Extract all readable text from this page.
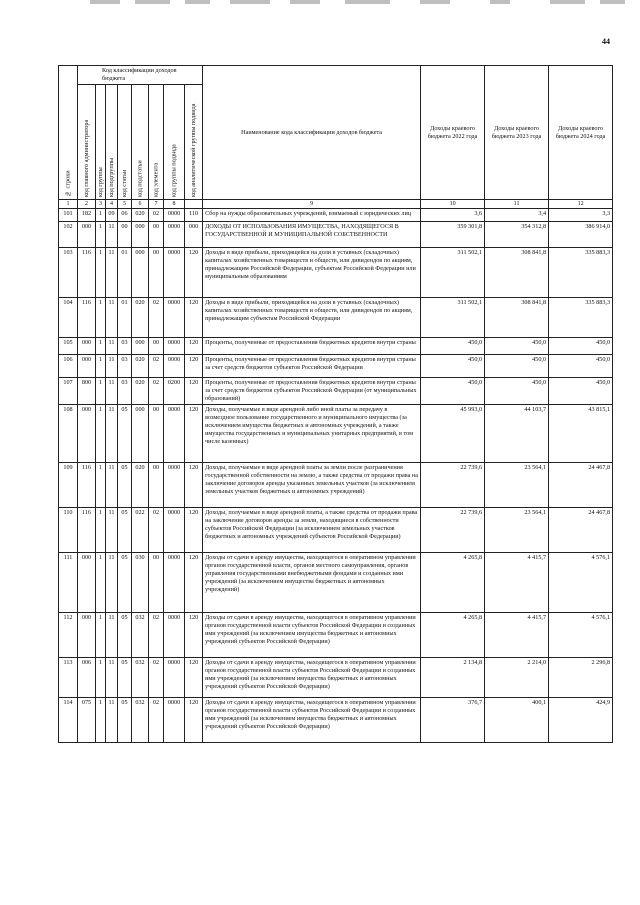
44
№ строки	Код классификации доходов бюджета								Наименование кода классификации доходов бюджета	Доходы краевого бюджета 2022 года	Доходы краевого бюджета 2023 года	Доходы краевого бюджета 2024 года
	код главного администратора	код группы	код подгруппы	код статьи	код подстатьи	код элемента	код группы подвида	код аналитической группы подвида				
1	2	3	4	5	6	7	8		9	10	11	12
101	182	1	09	06	020	02	0000	110	Сбор на нужды образовательных учреждений, взимаемый с юридических лиц	3,6	3,4	3,3
102	000	1	11	00	000	00	0000	000	ДОХОДЫ ОТ ИСПОЛЬЗОВАНИЯ ИМУЩЕСТВА, НАХОДЯЩЕГОСЯ В ГОСУДАРСТВЕННОЙ И МУНИЦИПАЛЬНОЙ СОБСТВЕННОСТИ	359 301,8	354 312,8	386 914,0
103	116	1	11	01	000	00	0000	120	Доходы в виде прибыли, приходящейся на доли в уставных (складочных) капиталах хозяйственных товариществ и обществ, или дивидендов по акциям, принадлежащим Российской Федерации, субъектам Российской Федерации или муниципальным образованиям	311 502,1	308 841,8	335 883,3
104	116	1	11	01	020	02	0000	120	Доходы в виде прибыли, приходящейся на доли в уставных (складочных) капиталах хозяйственных товариществ и обществ, или дивидендов по акциям, принадлежащим субъектам Российской Федерации	311 502,1	308 841,8	335 883,3
105	000	1	11	03	000	00	0000	120	Проценты, полученные от предоставления бюджетных кредитов внутри страны	450,0	450,0	450,0
106	000	1	11	03	020	02	0000	120	Проценты, полученные от предоставления бюджетных кредитов внутри страны за счет средств бюджетов субъектов Российской Федерации	450,0	450,0	450,0
107	800	1	11	03	020	02	0200	120	Проценты, полученные от предоставления бюджетных кредитов внутри страны за счет средств бюджетов субъектов Российской Федерации (от муниципальных образований)	450,0	450,0	450,0
108	000	1	11	05	000	00	0000	120	Доходы, получаемые в виде арендной либо иной платы за передачу в возмездное пользование государственного и муниципального имущества (за исключением имущества бюджетных и автономных учреждений, а также имущества государственных и муниципальных унитарных предприятий, в том числе казенных)	45 993,0	44 103,7	43 815,1
109	116	1	11	05	020	00	0000	120	Доходы, получаемые в виде арендной платы за земли после разграничения государственной собственности на землю, а также средства от продажи права на заключение договоров аренды указанных земельных участков (за исключением земельных участков бюджетных и автономных учреждений)	22 739,6	23 564,1	24 467,8
110	116	1	11	05	022	02	0000	120	Доходы, получаемые в виде арендной платы, а также средства от продажи права на заключение договоров аренды за земли, находящиеся в собственности субъектов Российской Федерации (за исключением земельных участков бюджетных и автономных учреждений субъектов Российской Федерации)	22 739,6	23 564,1	24 467,8
111	000	1	11	05	030	00	0000	120	Доходы от сдачи в аренду имущества, находящегося в оперативном управлении органов государственной власти, органов местного самоуправления, органов управления государственными внебюджетными фондами и созданных ими учреждений (за исключением имущества бюджетных и автономных учреждений)	4 265,8	4 415,7	4 576,1
112	000	1	11	05	032	02	0000	120	Доходы от сдачи в аренду имущества, находящегося в оперативном управлении органов государственной власти субъектов Российской Федерации и созданных ими учреждений (за исключением имущества бюджетных и автономных учреждений субъектов Российской Федерации)	4 265,8	4 415,7	4 576,1
113	006	1	11	05	032	02	0000	120	Доходы от сдачи в аренду имущества, находящегося в оперативном управлении органов государственной власти субъектов Российской Федерации и созданных ими учреждений (за исключением имущества бюджетных и автономных учреждений субъектов Российской Федерации)	2 134,8	2 214,0	2 296,8
114	075	1	11	05	032	02	0000	120	Доходы от сдачи в аренду имущества, находящегося в оперативном управлении органов государственной власти субъектов Российской Федерации и созданных ими учреждений (за исключением имущества бюджетных и автономных учреждений субъектов Российской Федерации)	376,7	400,1	424,9
